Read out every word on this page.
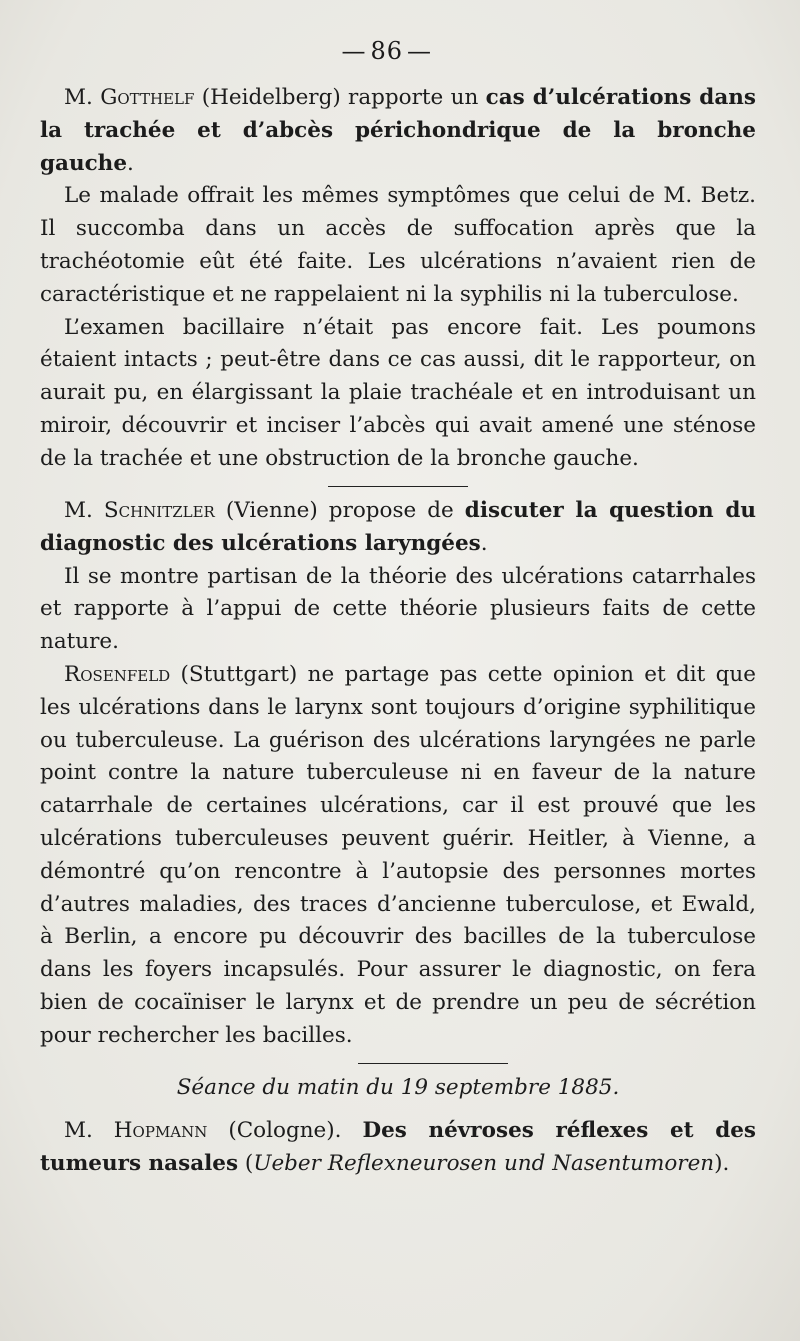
— 86 —

M. Gotthelf (Heidelberg) rapporte un cas d’ulcérations dans la trachée et d’abcès périchondrique de la bronche gauche.

Le malade offrait les mêmes symptômes que celui de M. Betz. Il succomba dans un accès de suffocation après que la trachéotomie eût été faite. Les ulcérations n’avaient rien de caractéristique et ne rappelaient ni la syphilis ni la tuberculose.

L’examen bacillaire n’était pas encore fait. Les poumons étaient intacts ; peut-être dans ce cas aussi, dit le rapporteur, on aurait pu, en élargissant la plaie trachéale et en introduisant un miroir, découvrir et inciser l’abcès qui avait amené une sténose de la trachée et une obstruction de la bronche gauche.

M. Schnitzler (Vienne) propose de discuter la question du diagnostic des ulcérations laryngées.

Il se montre partisan de la théorie des ulcérations catarrhales et rapporte à l’appui de cette théorie plusieurs faits de cette nature.

Rosenfeld (Stuttgart) ne partage pas cette opinion et dit que les ulcérations dans le larynx sont toujours d’origine syphilitique ou tuberculeuse. La guérison des ulcérations laryngées ne parle point contre la nature tuberculeuse ni en faveur de la nature catarrhale de certaines ulcérations, car il est prouvé que les ulcérations tuberculeuses peuvent guérir. Heitler, à Vienne, a démontré qu’on rencontre à l’autopsie des personnes mortes d’autres maladies, des traces d’ancienne tuberculose, et Ewald, à Berlin, a encore pu découvrir des bacilles de la tuberculose dans les foyers incapsulés. Pour assurer le diagnostic, on fera bien de cocaïniser le larynx et de prendre un peu de sécrétion pour rechercher les bacilles.

Séance du matin du 19 septembre 1885.

M. Hopmann (Cologne). Des névroses réflexes et des tumeurs nasales (Ueber Reflexneurosen und Nasentumoren).
